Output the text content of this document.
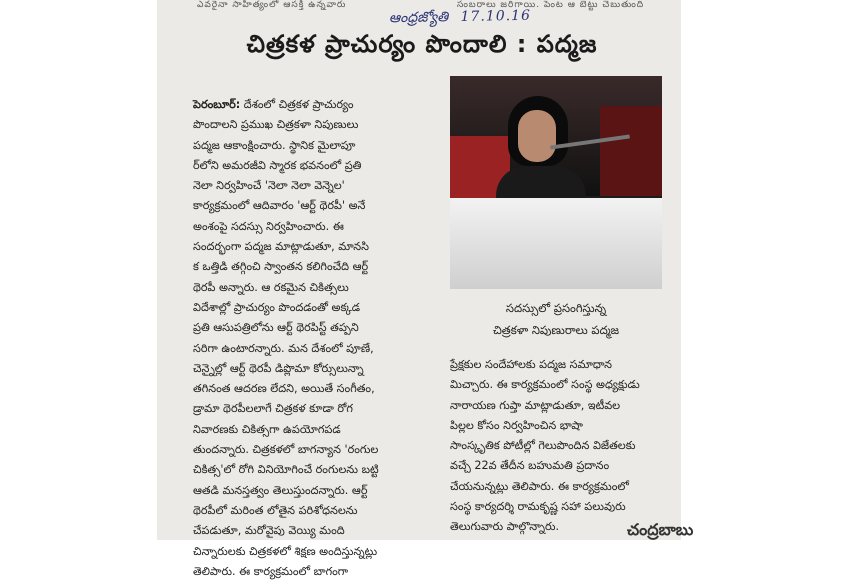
ఎవరైనా సాహిత్యంలో ఆసక్తి ఉన్నవారు	సంబరాలు జరిగాయి. పెంట ఆ బెట్టు చెబుతుంది
ఆంధ్రజ్యోతి 17.10.16
చిత్రకళ ప్రాచుర్యం పొందాలి : పద్మజ
పెరంబూర్: దేశంలో చిత్రకళ ప్రాచుర్యం
పొందాలని ప్రముఖ చిత్రకళా నిపుణులు
పద్మజ ఆకాంక్షించారు. స్థానిక మైలాపూ
ర్‌లోని అమరజీవి స్మారక భవనంలో ప్రతి
నెలా నిర్వహించే 'నెలా నెలా వెన్నెల'
కార్యక్రమంలో ఆదివారం 'ఆర్ట్ థెరపీ' అనే
అంశంపై సదస్సు నిర్వహించారు. ఈ
సందర్భంగా పద్మజ మాట్లాడుతూ, మానసి
క ఒత్తిడి తగ్గించి స్వాంతన కలిగించేది ఆర్ట్
థెరపీ అన్నారు. ఆ రకమైన చికిత్సలు
విదేశాల్లో ప్రాచుర్యం పొందడంతో అక్కడ
ప్రతి ఆసుపత్రిలోను ఆర్ట్ థెరపిస్ట్ తప్పని
సరిగా ఉంటారన్నారు. మన దేశంలో పూణే,
చెన్నైల్లో ఆర్ట్ థెరపీ డిప్లొమా కోర్సులున్నా
తగినంత ఆదరణ లేదని, అయితే సంగీతం,
డ్రామా థెరపీలలాగే చిత్రకళ కూడా రోగ
నివారణకు చికిత్సగా ఉపయోగపడ
తుందన్నారు. చిత్రకళలో బాగన్యాన 'రంగుల
చికిత్స'లో రోగి వినియోగించే రంగులను బట్టి
ఆతడి మనస్తత్వం తెలుస్తుందన్నారు. ఆర్ట్
థెరపీలో మరింత లోతైన పరిశోధనలను
చేపడుతూ, మరోవైపు వెయ్యి మంది
చిన్నారులకు చిత్రకళలో శిక్షణ అందిస్తున్నట్లు
తెలిపారు. ఈ కార్యక్రమంలో బాగంగా
సదస్సులో ప్రసంగిస్తున్న
చిత్రకళా నిపుణురాలు పద్మజ
ప్రేక్షకుల సందేహాలకు పద్మజ సమాధాన
మిచ్చారు. ఈ కార్యక్రమంలో సంస్థ అధ్యక్షుడు
నారాయణ గుప్తా మాట్లాడుతూ, ఇటీవల
పిల్లల కోసం నిర్వహించిన భాషా
సాంస్కృతిక పోటీల్లో గెలుపొందిన విజేతలకు
వచ్చే 22వ తేదీన బహుమతి ప్రదానం
చేయనున్నట్లు తెలిపారు. ఈ కార్యక్రమంలో
సంస్థ కార్యదర్శి రామకృష్ణ సహా పలువురు
తెలుగువారు పాల్గొన్నారు.	చంద్రబాబు
